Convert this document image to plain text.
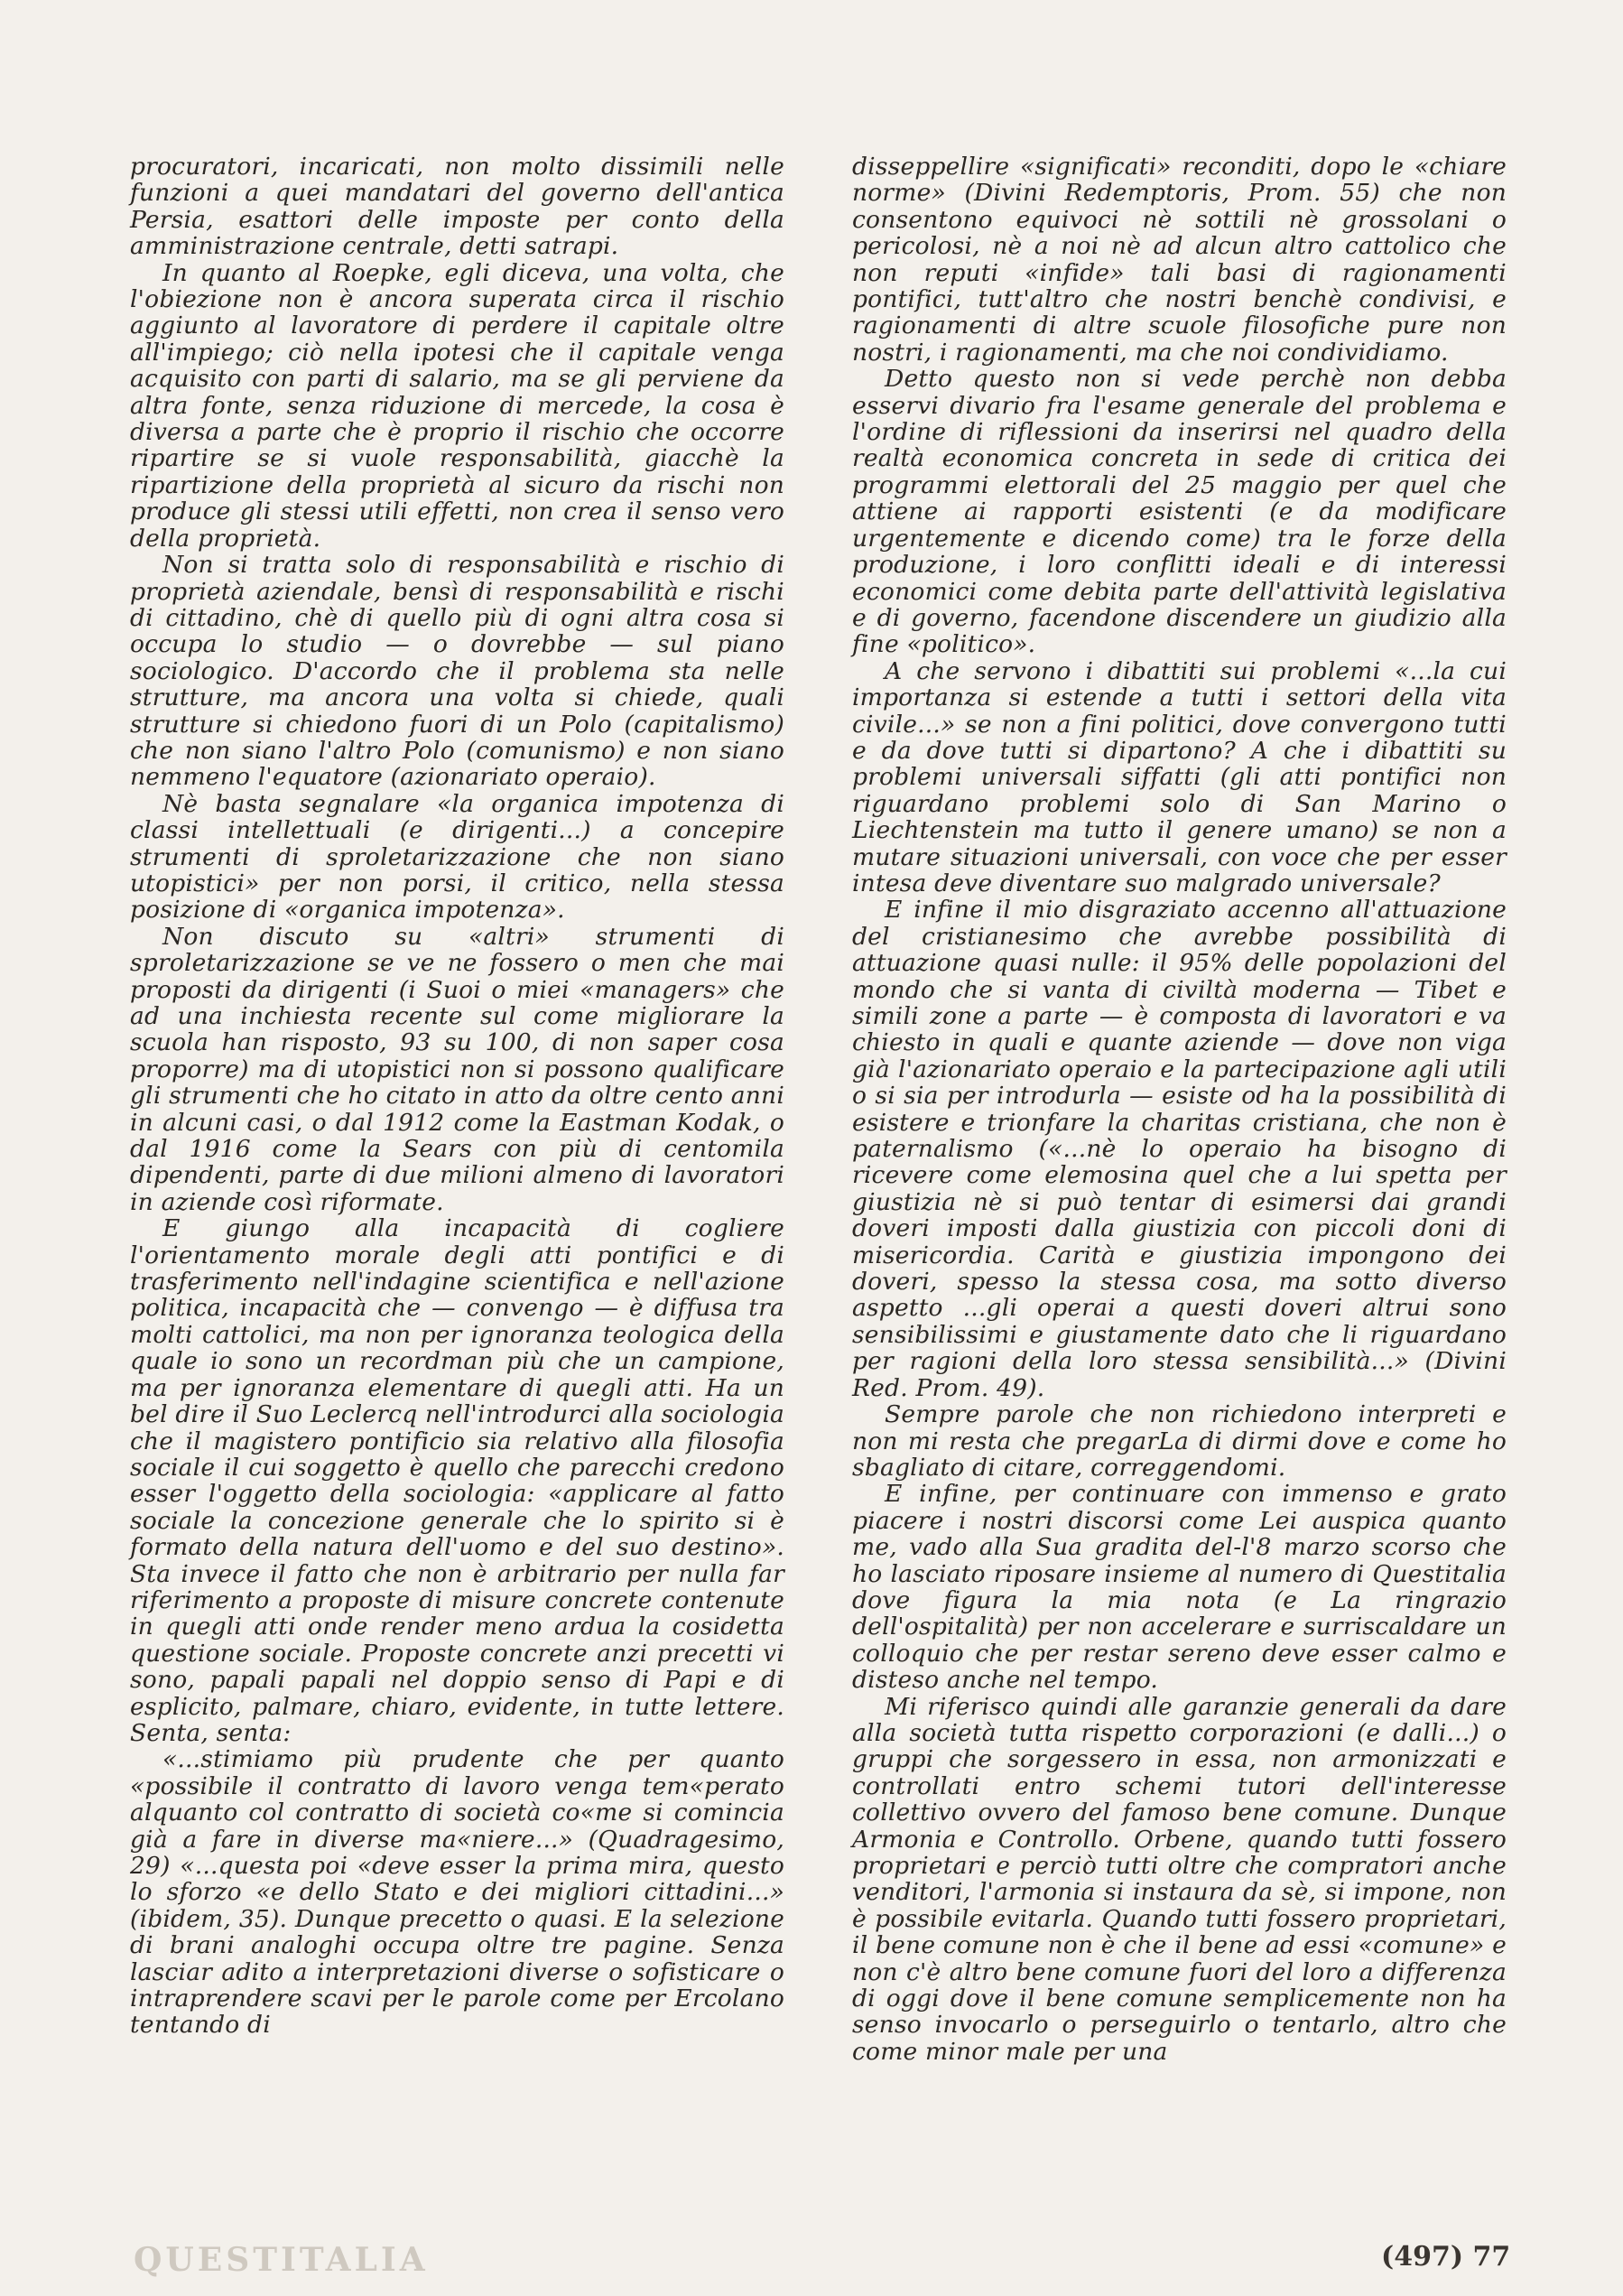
procuratori, incaricati, non molto dissimili nelle funzioni a quei mandatari del governo dell'antica Persia, esattori delle imposte per conto della amministrazione centrale, detti satrapi.

In quanto al Roepke, egli diceva, una volta, che l'obiezione non è ancora superata circa il rischio aggiunto al lavoratore di perdere il capitale oltre all'impiego; ciò nella ipotesi che il capitale venga acquisito con parti di salario, ma se gli perviene da altra fonte, senza riduzione di mercede, la cosa è diversa a parte che è proprio il rischio che occorre ripartire se si vuole responsabilità, giacchè la ripartizione della proprietà al sicuro da rischi non produce gli stessi utili effetti, non crea il senso vero della proprietà.

Non si tratta solo di responsabilità e rischio di proprietà aziendale, bensì di responsabilità e rischi di cittadino, chè di quello più di ogni altra cosa si occupa lo studio — o dovrebbe — sul piano sociologico. D'accordo che il problema sta nelle strutture, ma ancora una volta si chiede, quali strutture si chiedono fuori di un Polo (capitalismo) che non siano l'altro Polo (comunismo) e non siano nemmeno l'equatore (azionariato operaio).

Nè basta segnalare «la organica impotenza di classi intellettuali (e dirigenti...) a concepire strumenti di sproletarizzazione che non siano utopistici» per non porsi, il critico, nella stessa posizione di «organica impotenza».

Non discuto su «altri» strumenti di sproletarizzazione se ve ne fossero o men che mai proposti da dirigenti (i Suoi o miei «managers» che ad una inchiesta recente sul come migliorare la scuola han risposto, 93 su 100, di non saper cosa proporre) ma di utopistici non si possono qualificare gli strumenti che ho citato in atto da oltre cento anni in alcuni casi, o dal 1912 come la Eastman Kodak, o dal 1916 come la Sears con più di centomila dipendenti, parte di due milioni almeno di lavoratori in aziende così riformate.

E giungo alla incapacità di cogliere l'orientamento morale degli atti pontifici e di trasferimento nell'indagine scientifica e nell'azione politica, incapacità che — convengo — è diffusa tra molti cattolici, ma non per ignoranza teologica della quale io sono un recordman più che un campione, ma per ignoranza elementare di quegli atti. Ha un bel dire il Suo Leclercq nell'introdurci alla sociologia che il magistero pontificio sia relativo alla filosofia sociale il cui soggetto è quello che parecchi credono esser l'oggetto della sociologia: «applicare al fatto sociale la concezione generale che lo spirito si è formato della natura dell'uomo e del suo destino». Sta invece il fatto che non è arbitrario per nulla far riferimento a proposte di misure concrete contenute in quegli atti onde render meno ardua la cosidetta questione sociale. Proposte concrete anzi precetti vi sono, papali papali nel doppio senso di Papi e di esplicito, palmare, chiaro, evidente, in tutte lettere. Senta, senta:

«...stimiamo più prudente che per quanto «possibile il contratto di lavoro venga tem«perato alquanto col contratto di società co«me si comincia già a fare in diverse ma«niere...» (Quadragesimo, 29) «...questa poi «deve esser la prima mira, questo lo sforzo «e dello Stato e dei migliori cittadini...» (ibidem, 35). Dunque precetto o quasi. E la selezione di brani analoghi occupa oltre tre pagine. Senza lasciar adito a interpretazioni diverse o sofisticare o intraprendere scavi per le parole come per Ercolano tentando di

disseppellire «significati» reconditi, dopo le «chiare norme» (Divini Redemptoris, Prom. 55) che non consentono equivoci nè sottili nè grossolani o pericolosi, nè a noi nè ad alcun altro cattolico che non reputi «infide» tali basi di ragionamenti pontifici, tutt'altro che nostri benchè condivisi, e ragionamenti di altre scuole filosofiche pure non nostri, i ragionamenti, ma che noi condividiamo.

Detto questo non si vede perchè non debba esservi divario fra l'esame generale del problema e l'ordine di riflessioni da inserirsi nel quadro della realtà economica concreta in sede di critica dei programmi elettorali del 25 maggio per quel che attiene ai rapporti esistenti (e da modificare urgentemente e dicendo come) tra le forze della produzione, i loro conflitti ideali e di interessi economici come debita parte dell'attività legislativa e di governo, facendone discendere un giudizio alla fine «politico».

A che servono i dibattiti sui problemi «...la cui importanza si estende a tutti i settori della vita civile...» se non a fini politici, dove convergono tutti e da dove tutti si dipartono? A che i dibattiti su problemi universali siffatti (gli atti pontifici non riguardano problemi solo di San Marino o Liechtenstein ma tutto il genere umano) se non a mutare situazioni universali, con voce che per esser intesa deve diventare suo malgrado universale?

E infine il mio disgraziato accenno all'attuazione del cristianesimo che avrebbe possibilità di attuazione quasi nulle: il 95% delle popolazioni del mondo che si vanta di civiltà moderna — Tibet e simili zone a parte — è composta di lavoratori e va chiesto in quali e quante aziende — dove non viga già l'azionariato operaio e la partecipazione agli utili o si sia per introdurla — esiste od ha la possibilità di esistere e trionfare la charitas cristiana, che non è paternalismo («...nè lo operaio ha bisogno di ricevere come elemosina quel che a lui spetta per giustizia nè si può tentar di esimersi dai grandi doveri imposti dalla giustizia con piccoli doni di misericordia. Carità e giustizia impongono dei doveri, spesso la stessa cosa, ma sotto diverso aspetto ...gli operai a questi doveri altrui sono sensibilissimi e giustamente dato che li riguardano per ragioni della loro stessa sensibilità...» (Divini Red. Prom. 49).

Sempre parole che non richiedono interpreti e non mi resta che pregarLa di dirmi dove e come ho sbagliato di citare, correggendomi.

E infine, per continuare con immenso e grato piacere i nostri discorsi come Lei auspica quanto me, vado alla Sua gradita del-l'8 marzo scorso che ho lasciato riposare insieme al numero di Questitalia dove figura la mia nota (e La ringrazio dell'ospitalità) per non accelerare e surriscaldare un colloquio che per restar sereno deve esser calmo e disteso anche nel tempo.

Mi riferisco quindi alle garanzie generali da dare alla società tutta rispetto corporazioni (e dalli...) o gruppi che sorgessero in essa, non armonizzati e controllati entro schemi tutori dell'interesse collettivo ovvero del famoso bene comune. Dunque Armonia e Controllo. Orbene, quando tutti fossero proprietari e perciò tutti oltre che compratori anche venditori, l'armonia si instaura da sè, si impone, non è possibile evitarla. Quando tutti fossero proprietari, il bene comune non è che il bene ad essi «comune» e non c'è altro bene comune fuori del loro a differenza di oggi dove il bene comune semplicemente non ha senso invocarlo o perseguirlo o tentarlo, altro che come minor male per una

QUESTITALIA	(497) 77
